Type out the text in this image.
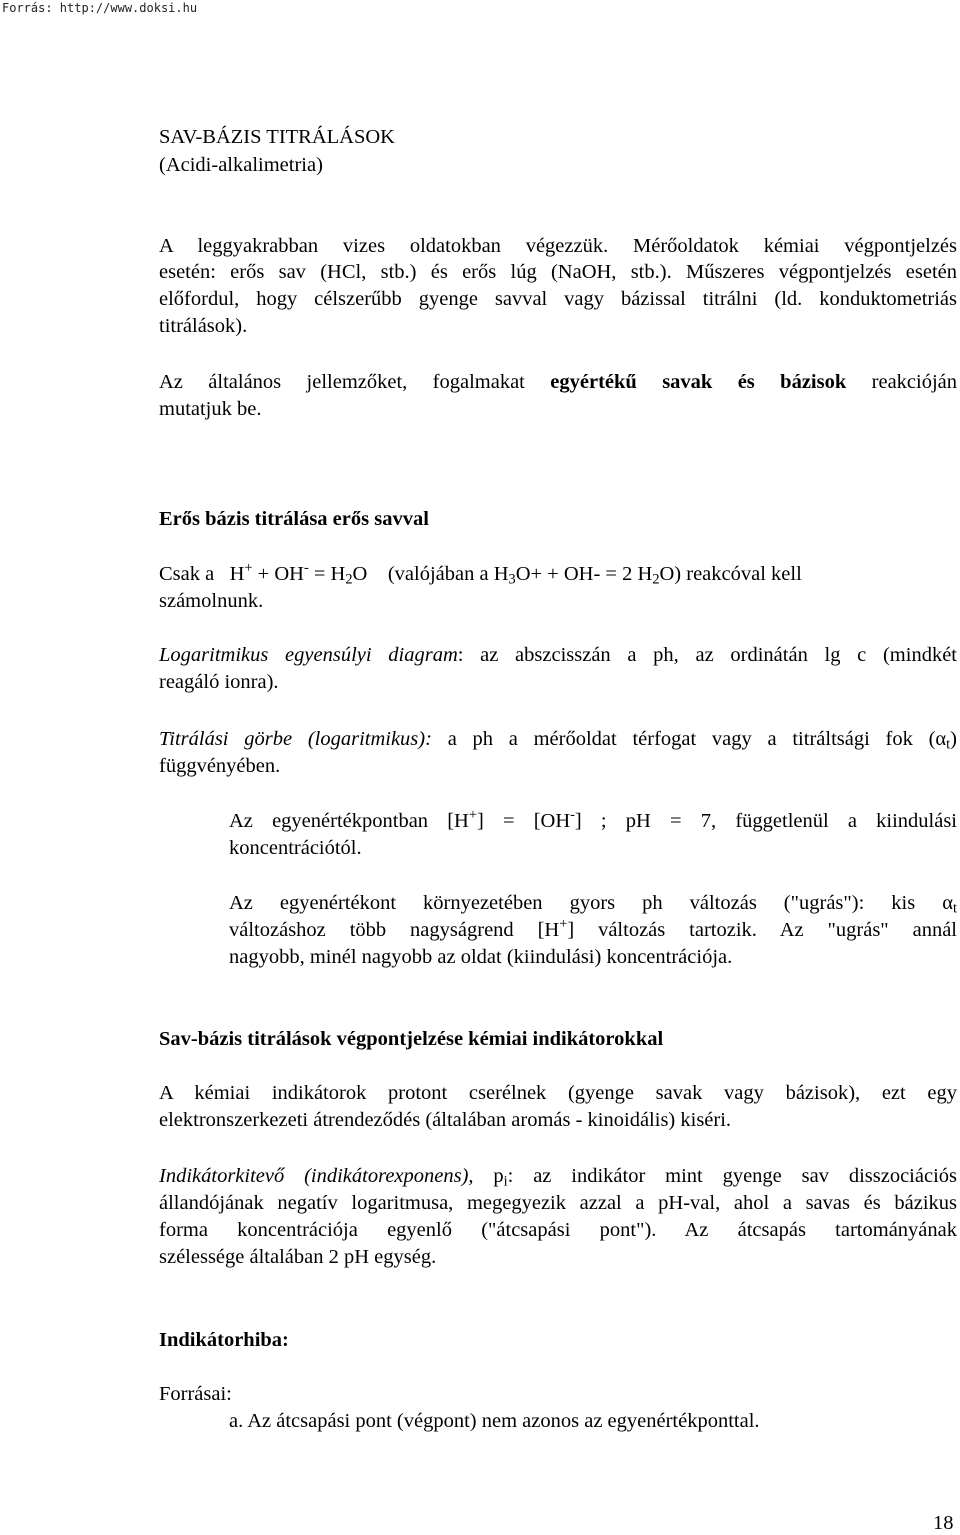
Forrás: http://www.doksi.hu
SAV-BÁZIS TITRÁLÁSOK
(Acidi-alkalimetria)
A leggyakrabban vizes oldatokban végezzük. Mérőoldatok kémiai végpontjelzés
esetén: erős sav (HCl, stb.) és erős lúg (NaOH, stb.). Műszeres végpontjelzés esetén
előfordul, hogy célszerűbb gyenge savval vagy bázissal titrálni (ld. konduktometriás
titrálások).
Az általános jellemzőket, fogalmakat egyértékű savak és bázisok reakcióján
mutatjuk be.
Erős bázis titrálása erős savval
Csak a   $H^+ + OH^- = H_2O$    (valójában a $H_3O+ + OH- = 2$ $H_2O$) reakcóval kell
számolnunk.
Logaritmikus egyensúlyi diagram: az abszcisszán a ph, az ordinátán lg c (mindkét
reagáló ionra).
Titrálási görbe (logaritmikus): a ph a mérőoldat térfogat vagy a titráltsági fok $(\alpha_t)$
függvényében.
Az egyenértékpontban [H+] = [OH-] ; pH = 7, függetlenül a kiindulási
koncentrációtól.
Az egyenértékont környezetében gyors ph változás ("ugrás"): kis $\alpha_t$
változáshoz több nagyságrend [H+] változás tartozik. Az "ugrás" annál
nagyobb, minél nagyobb az oldat (kiindulási) koncentrációja.
Sav-bázis titrálások végpontjelzése kémiai indikátorokkal
A kémiai indikátorok protont cserélnek (gyenge savak vagy bázisok), ezt egy
elektronszerkezeti átrendeződés (általában aromás - kinoidális) kiséri.
Indikátorkitevő (indikátorexponens), $p_i$: az indikátor mint gyenge sav disszociációs
állandójának negatív logaritmusa, megegyezik azzal a pH-val, ahol a savas és bázikus
forma koncentrációja egyenlő ("átcsapási pont"). Az átcsapás tartományának
szélessége általában 2 pH egység.
Indikátorhiba:
Forrásai:
a. Az átcsapási pont (végpont) nem azonos az egyenértékponttal.
18
